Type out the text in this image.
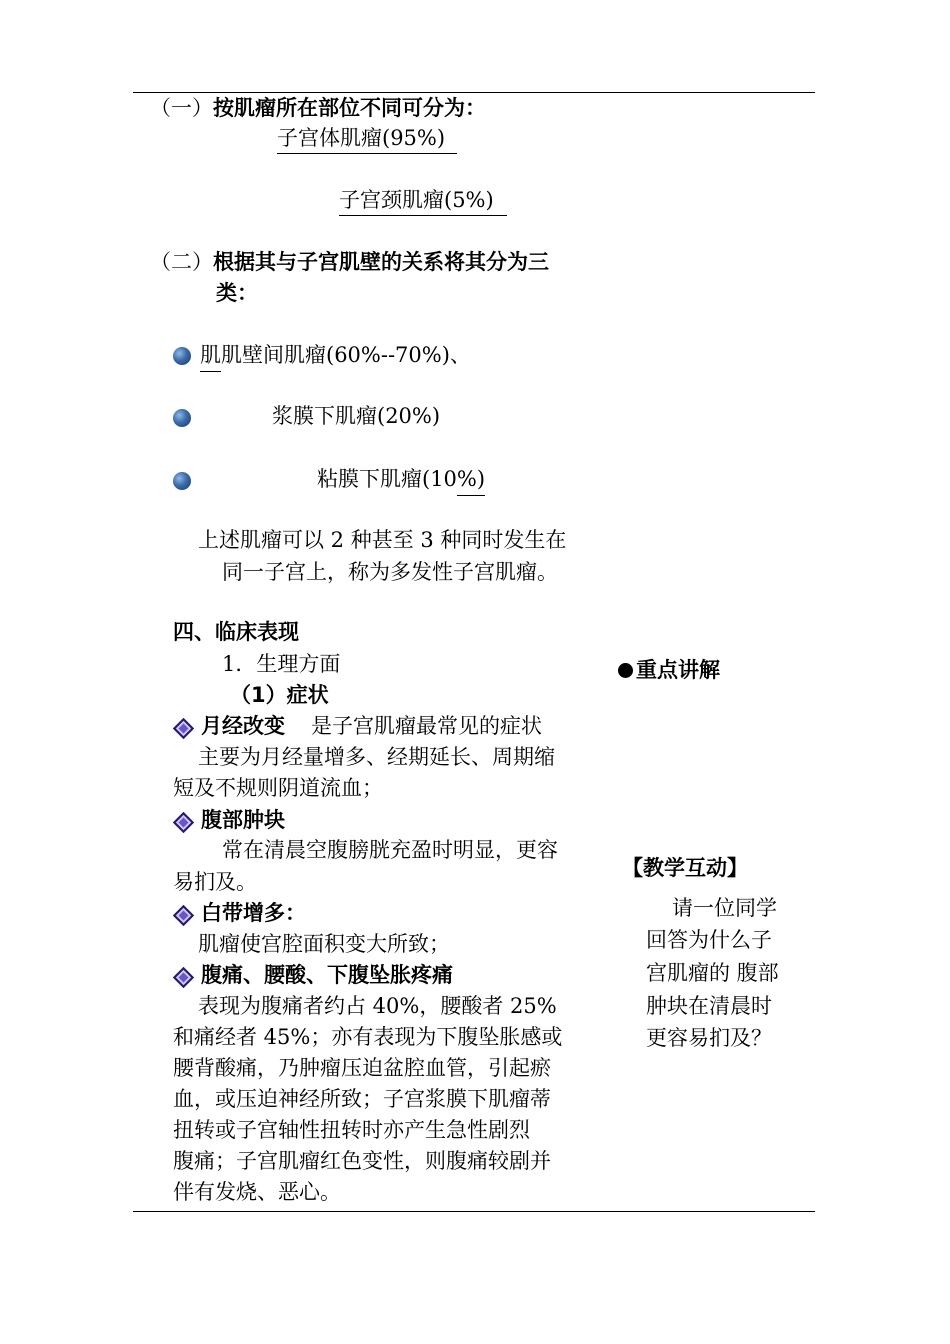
（一）按肌瘤所在部位不同可分为：
子宫体肌瘤(95%)
子宫颈肌瘤(5%)
（二）根据其与子宫肌壁的关系将其分为三
类：
肌肌壁间肌瘤(60%--70%)、
浆膜下肌瘤(20%)
粘膜下肌瘤(10%)
上述肌瘤可以 2 种甚至 3 种同时发生在
同一子宫上，称为多发性子宫肌瘤。
四、临床表现
1．生理方面
（1）症状
月经改变 是子宫肌瘤最常见的症状
主要为月经量增多、经期延长、周期缩
短及不规则阴道流血；
腹部肿块
常在清晨空腹膀胱充盈时明显，更容
易扪及。
白带增多：
肌瘤使宫腔面积变大所致；
腹痛、腰酸、下腹坠胀疼痛
表现为腹痛者约占 40%，腰酸者 25%
和痛经者 45%；亦有表现为下腹坠胀感或
腰背酸痛，乃肿瘤压迫盆腔血管，引起瘀
血，或压迫神经所致；子宫浆膜下肌瘤蒂
扭转或子宫轴性扭转时亦产生急性剧烈
腹痛；子宫肌瘤红色变性，则腹痛较剧并
伴有发烧、恶心。
重点讲解
【教学互动】
请一位同学
回答为什么子
宫肌瘤的 腹部
肿块在清晨时
更容易扪及？
